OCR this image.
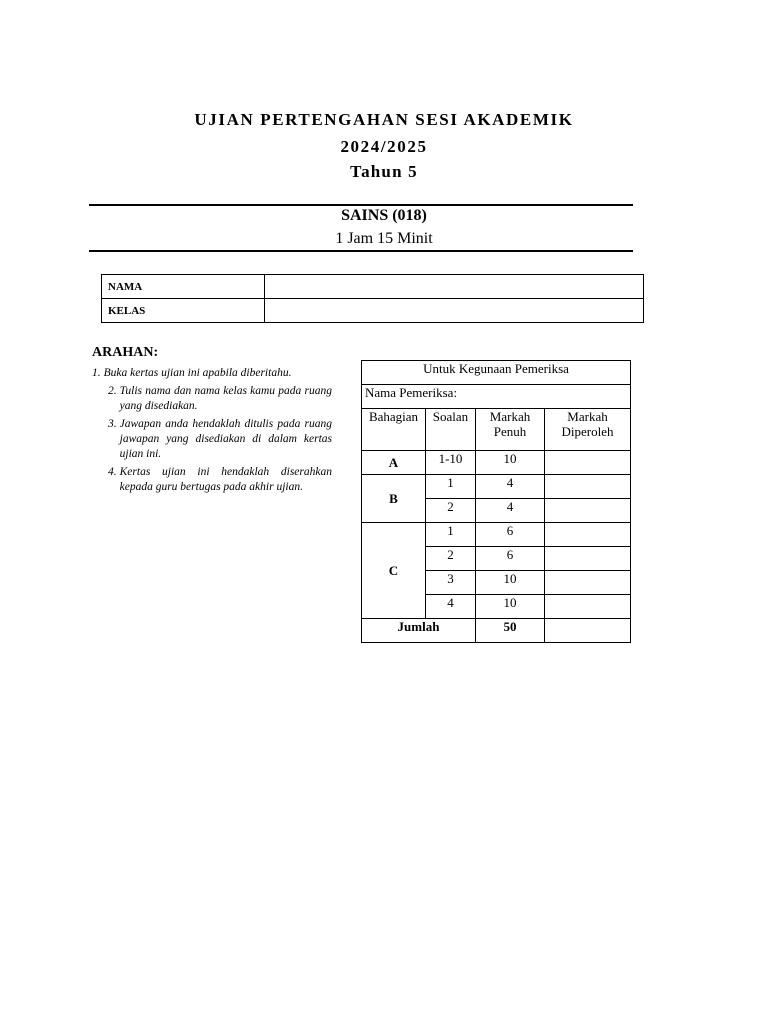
UJIAN PERTENGAHAN SESI AKADEMIK
2024/2025
Tahun 5
SAINS (018)
1 Jam 15 Minit
NAMA	
KELAS	
ARAHAN:
1. Buka kertas ujian ini apabila diberitahu.
2. Tulis nama dan nama kelas kamu pada ruang yang disediakan.
3. Jawapan anda hendaklah ditulis pada ruang jawapan yang disediakan di dalam kertas ujian ini.
4. Kertas ujian ini hendaklah diserahkan kepada guru bertugas pada akhir ujian.
Untuk Kegunaan Pemeriksa			
Nama Pemeriksa:			
Bahagian	Soalan	Markah Penuh	Markah Diperoleh
A	1-10	10	
B	1	4	
	2	4	
C	1	6	
	2	6	
	3	10	
	4	10	
Jumlah		50	
